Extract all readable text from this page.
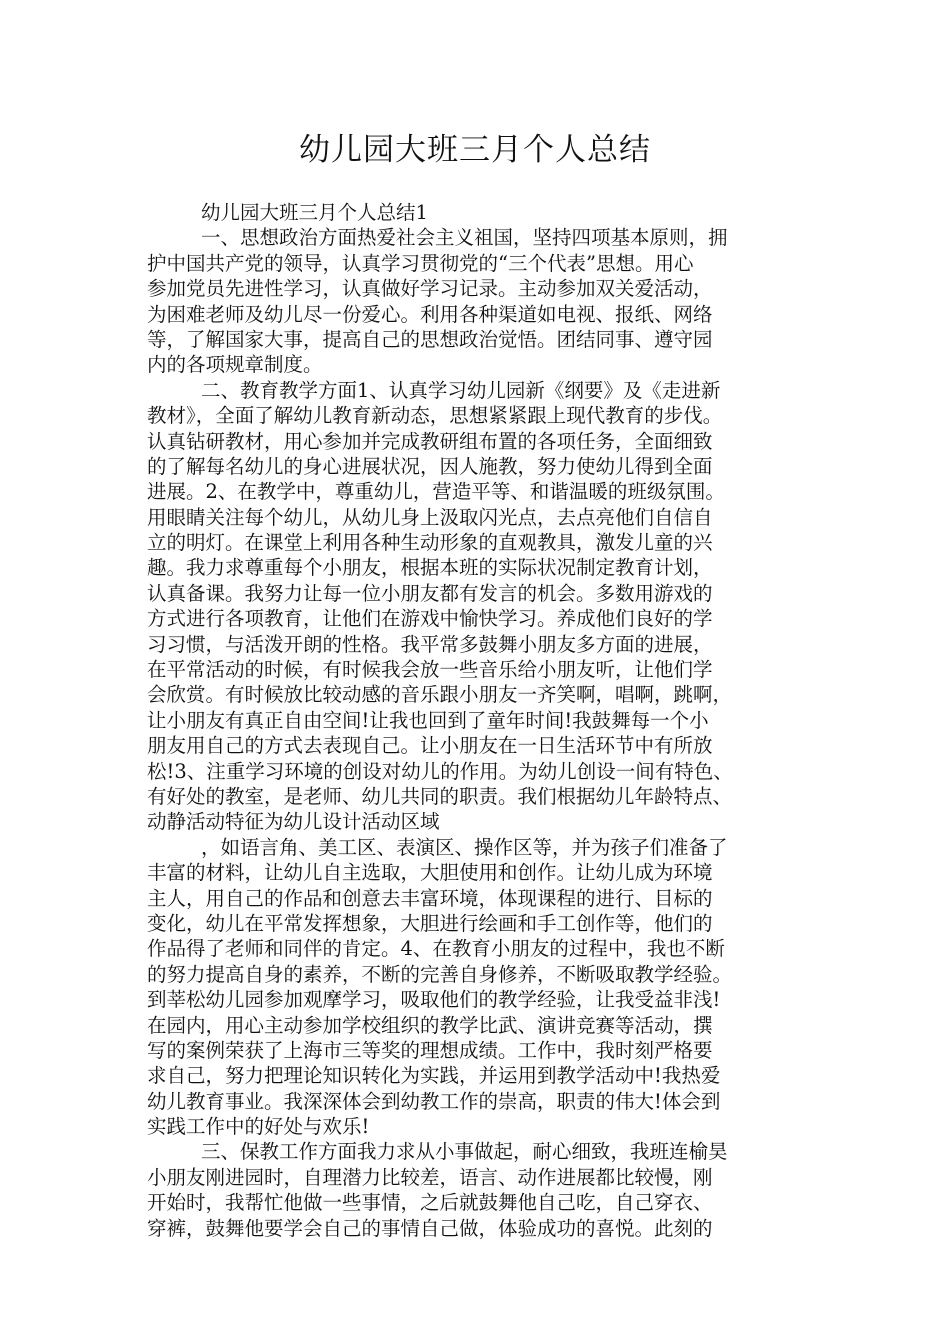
幼儿园大班三月个人总结
幼儿园大班三月个人总结1
一、思想政治方面热爱社会主义祖国，坚持四项基本原则，拥
护中国共产党的领导，认真学习贯彻党的“三个代表”思想。用心
参加党员先进性学习，认真做好学习记录。主动参加双关爱活动，
为困难老师及幼儿尽一份爱心。利用各种渠道如电视、报纸、网络
等，了解国家大事，提高自己的思想政治觉悟。团结同事、遵守园
内的各项规章制度。
二、教育教学方面1、认真学习幼儿园新《纲要》及《走进新
教材》，全面了解幼儿教育新动态，思想紧紧跟上现代教育的步伐。
认真钻研教材，用心参加并完成教研组布置的各项任务，全面细致
的了解每名幼儿的身心进展状况，因人施教，努力使幼儿得到全面
进展。2、在教学中，尊重幼儿，营造平等、和谐温暖的班级氛围。
用眼睛关注每个幼儿，从幼儿身上汲取闪光点，去点亮他们自信自
立的明灯。在课堂上利用各种生动形象的直观教具，激发儿童的兴
趣。我力求尊重每个小朋友，根据本班的实际状况制定教育计划，
认真备课。我努力让每一位小朋友都有发言的机会。多数用游戏的
方式进行各项教育，让他们在游戏中愉快学习。养成他们良好的学
习习惯，与活泼开朗的性格。我平常多鼓舞小朋友多方面的进展，
在平常活动的时候，有时候我会放一些音乐给小朋友听，让他们学
会欣赏。有时候放比较动感的音乐跟小朋友一齐笑啊，唱啊，跳啊，
让小朋友有真正自由空间!让我也回到了童年时间!我鼓舞每一个小
朋友用自己的方式去表现自己。让小朋友在一日生活环节中有所放
松!3、注重学习环境的创设对幼儿的作用。为幼儿创设一间有特色、
有好处的教室，是老师、幼儿共同的职责。我们根据幼儿年龄特点、
动静活动特征为幼儿设计活动区域
，如语言角、美工区、表演区、操作区等，并为孩子们准备了
丰富的材料，让幼儿自主选取，大胆使用和创作。让幼儿成为环境
主人，用自己的作品和创意去丰富环境，体现课程的进行、目标的
变化，幼儿在平常发挥想象，大胆进行绘画和手工创作等，他们的
作品得了老师和同伴的肯定。4、在教育小朋友的过程中，我也不断
的努力提高自身的素养，不断的完善自身修养，不断吸取教学经验。
到莘松幼儿园参加观摩学习，吸取他们的教学经验，让我受益非浅!
在园内，用心主动参加学校组织的教学比武、演讲竞赛等活动，撰
写的案例荣获了上海市三等奖的理想成绩。工作中，我时刻严格要
求自己，努力把理论知识转化为实践，并运用到教学活动中!我热爱
幼儿教育事业。我深深体会到幼教工作的崇高，职责的伟大!体会到
实践工作中的好处与欢乐!
三、保教工作方面我力求从小事做起，耐心细致，我班连榆昊
小朋友刚进园时，自理潜力比较差，语言、动作进展都比较慢，刚
开始时，我帮忙他做一些事情，之后就鼓舞他自己吃，自己穿衣、
穿裤，鼓舞他要学会自己的事情自己做，体验成功的喜悦。此刻的
